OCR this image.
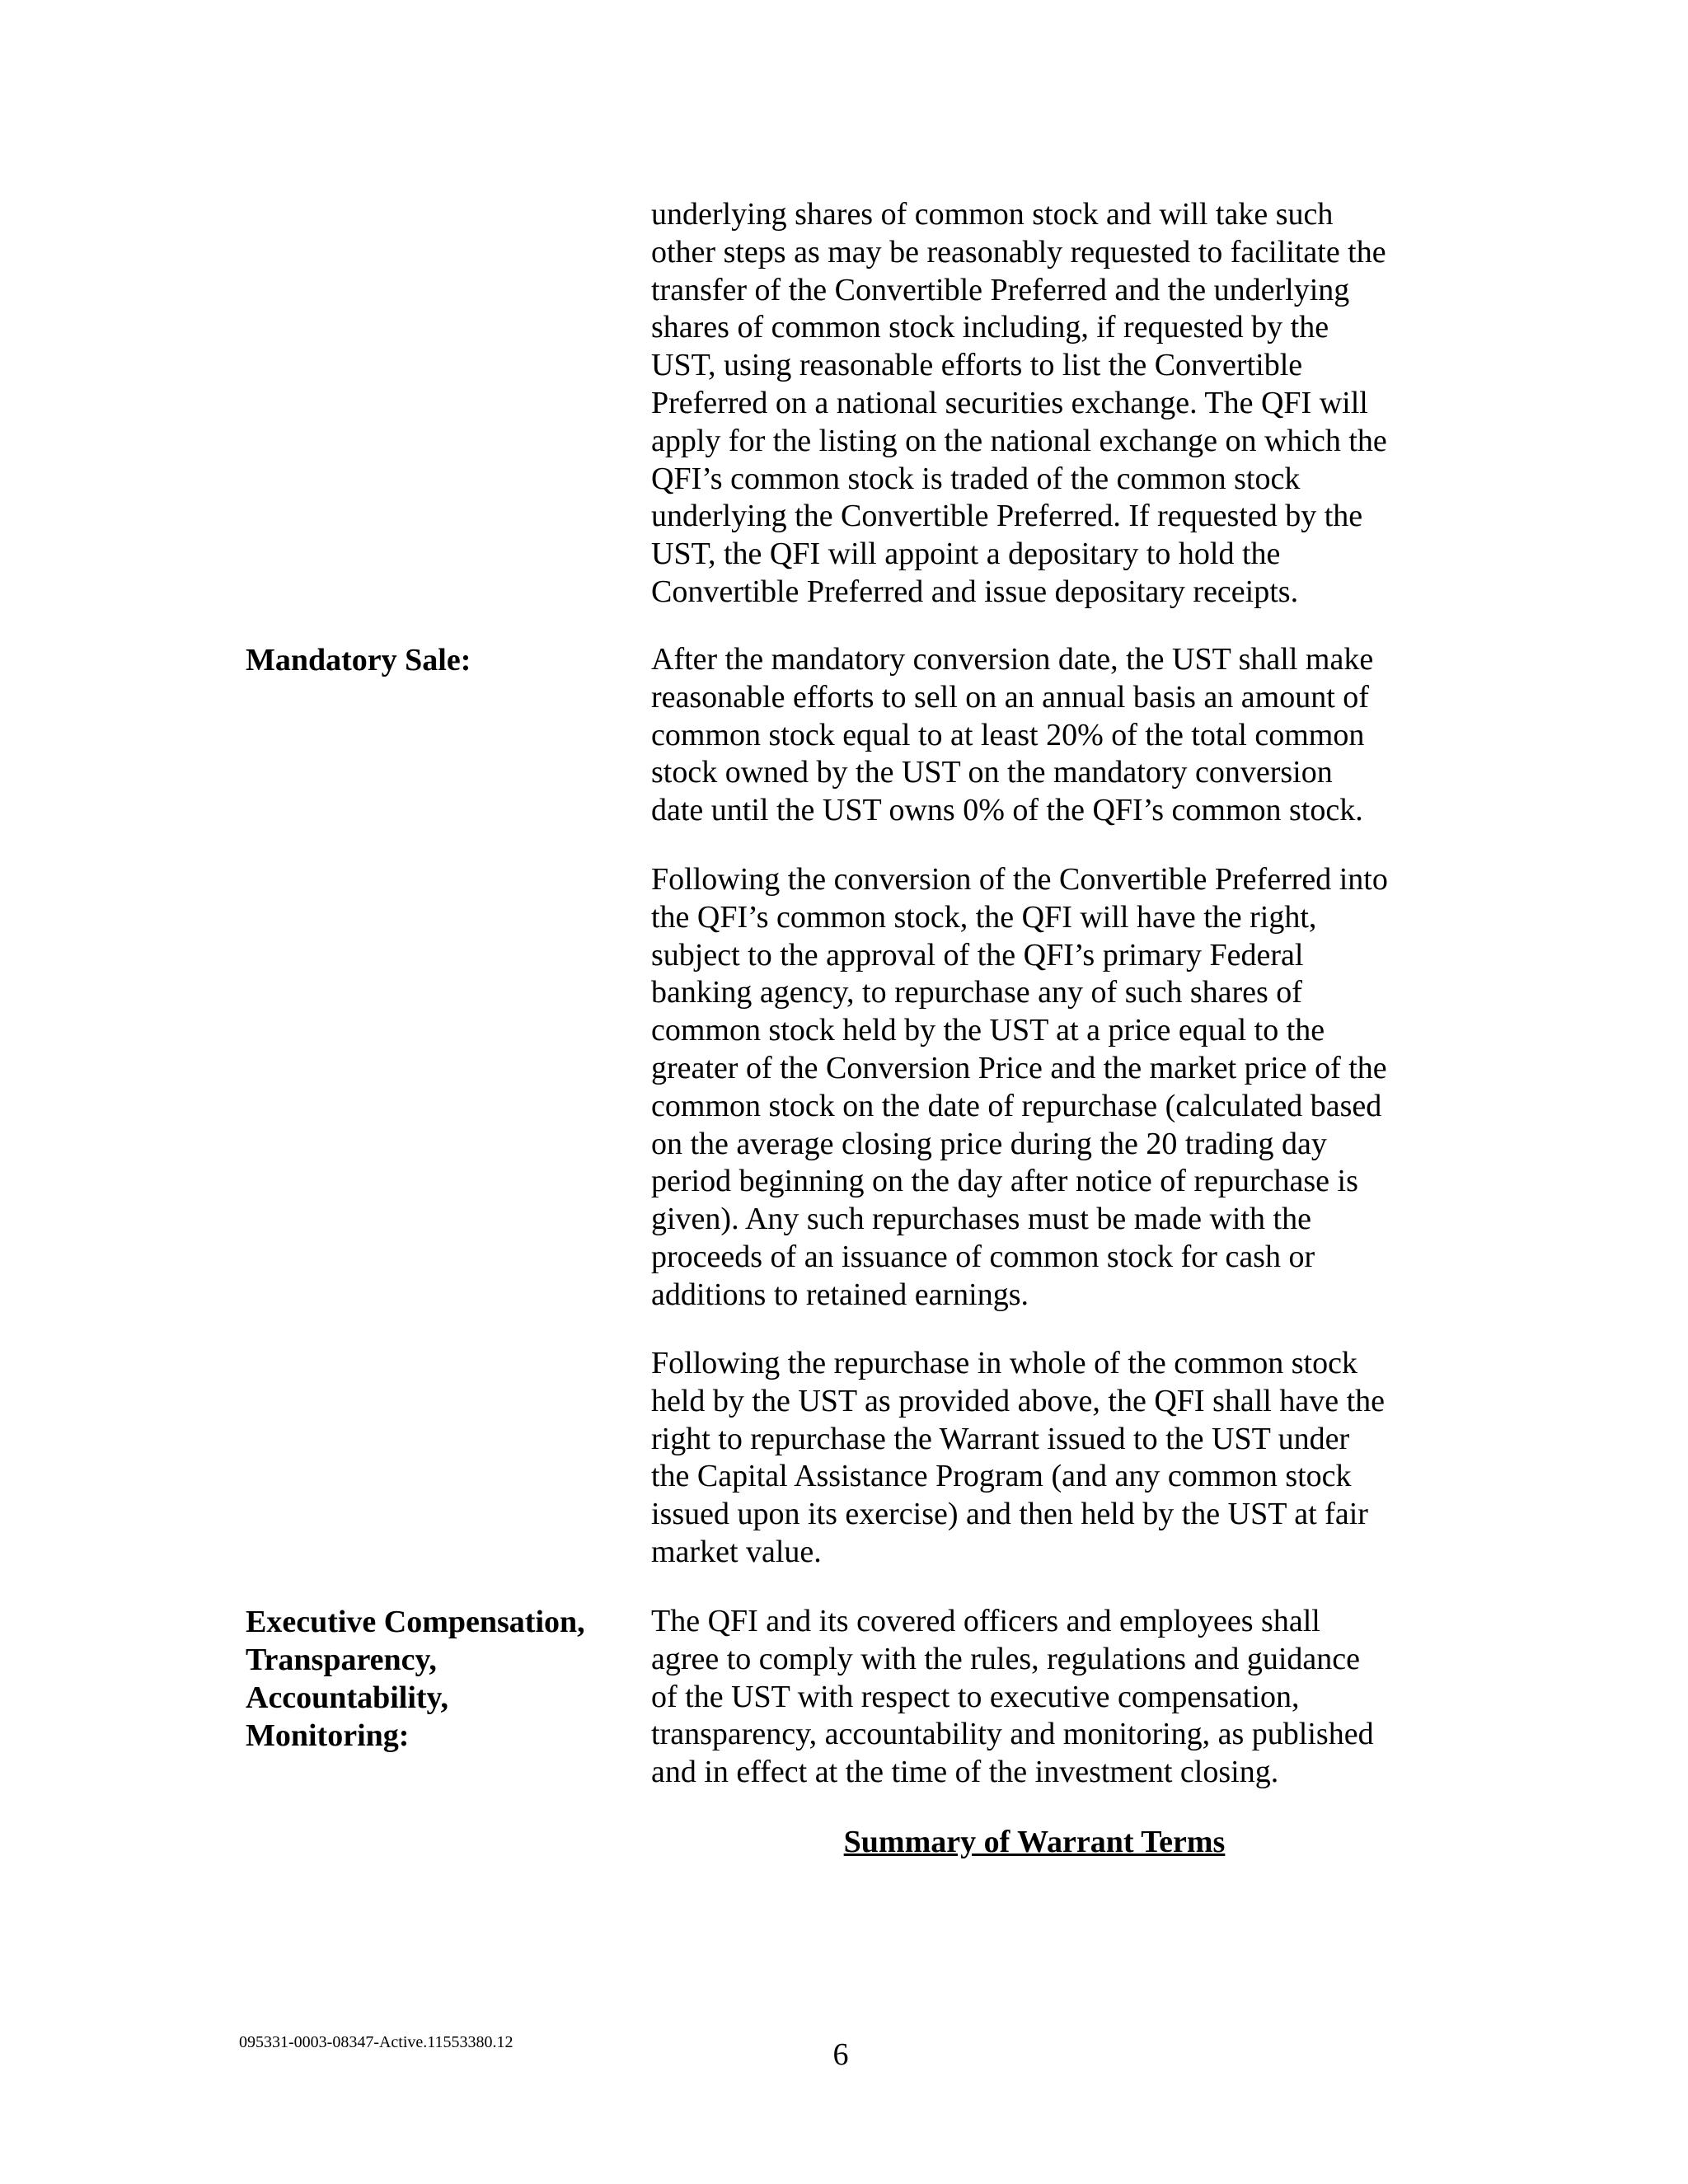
underlying shares of common stock and will take such
other steps as may be reasonably requested to facilitate the
transfer of the Convertible Preferred and the underlying
shares of common stock including, if requested by the
UST, using reasonable efforts to list the Convertible
Preferred on a national securities exchange. The QFI will
apply for the listing on the national exchange on which the
QFI’s common stock is traded of the common stock
underlying the Convertible Preferred. If requested by the
UST, the QFI will appoint a depositary to hold the
Convertible Preferred and issue depositary receipts.

Mandatory Sale:	After the mandatory conversion date, the UST shall make
reasonable efforts to sell on an annual basis an amount of
common stock equal to at least 20% of the total common
stock owned by the UST on the mandatory conversion
date until the UST owns 0% of the QFI’s common stock.

Following the conversion of the Convertible Preferred into
the QFI’s common stock, the QFI will have the right,
subject to the approval of the QFI’s primary Federal
banking agency, to repurchase any of such shares of
common stock held by the UST at a price equal to the
greater of the Conversion Price and the market price of the
common stock on the date of repurchase (calculated based
on the average closing price during the 20 trading day
period beginning on the day after notice of repurchase is
given). Any such repurchases must be made with the
proceeds of an issuance of common stock for cash or
additions to retained earnings.

Following the repurchase in whole of the common stock
held by the UST as provided above, the QFI shall have the
right to repurchase the Warrant issued to the UST under
the Capital Assistance Program (and any common stock
issued upon its exercise) and then held by the UST at fair
market value.

Executive Compensation,
Transparency,
Accountability,
Monitoring:

The QFI and its covered officers and employees shall
agree to comply with the rules, regulations and guidance
of the UST with respect to executive compensation,
transparency, accountability and monitoring, as published
and in effect at the time of the investment closing.

Summary of Warrant Terms
095331-0003-08347-Active.11553380.12	6
